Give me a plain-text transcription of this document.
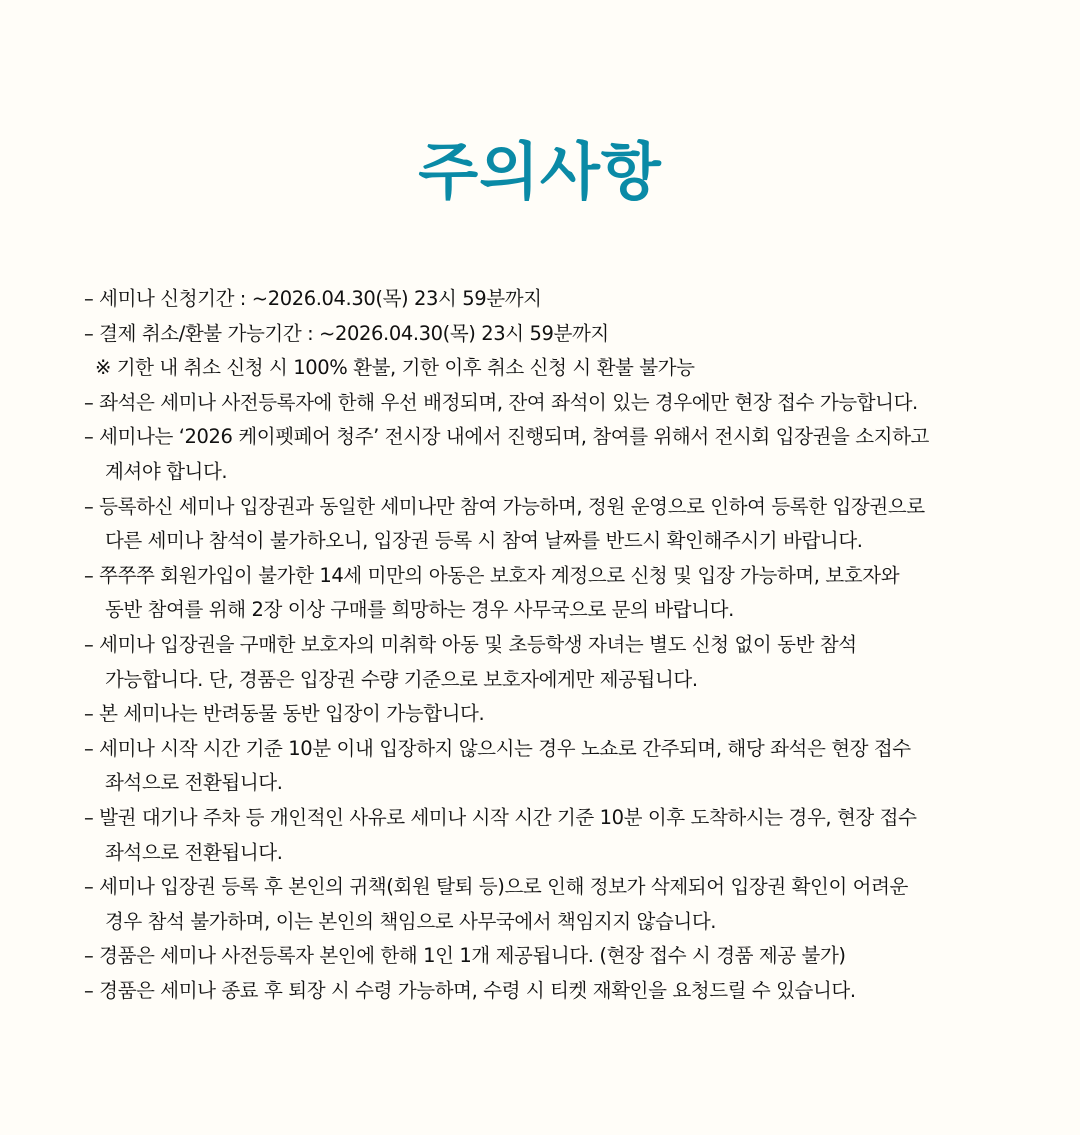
주의사항
– 세미나 신청기간 : ~2026.04.30(목) 23시 59분까지
– 결제 취소/환불 가능기간 : ~2026.04.30(목) 23시 59분까지
※ 기한 내 취소 신청 시 100% 환불, 기한 이후 취소 신청 시 환불 불가능
– 좌석은 세미나 사전등록자에 한해 우선 배정되며, 잔여 좌석이 있는 경우에만 현장 접수 가능합니다.
– 세미나는 ‘2026 케이펫페어 청주’ 전시장 내에서 진행되며, 참여를 위해서 전시회 입장권을 소지하고
계셔야 합니다.
– 등록하신 세미나 입장권과 동일한 세미나만 참여 가능하며, 정원 운영으로 인하여 등록한 입장권으로
다른 세미나 참석이 불가하오니, 입장권 등록 시 참여 날짜를 반드시 확인해주시기 바랍니다.
– 쭈쭈쭈 회원가입이 불가한 14세 미만의 아동은 보호자 계정으로 신청 및 입장 가능하며, 보호자와
동반 참여를 위해 2장 이상 구매를 희망하는 경우 사무국으로 문의 바랍니다.
– 세미나 입장권을 구매한 보호자의 미취학 아동 및 초등학생 자녀는 별도 신청 없이 동반 참석
가능합니다. 단, 경품은 입장권 수량 기준으로 보호자에게만 제공됩니다.
– 본 세미나는 반려동물 동반 입장이 가능합니다.
– 세미나 시작 시간 기준 10분 이내 입장하지 않으시는 경우 노쇼로 간주되며, 해당 좌석은 현장 접수
좌석으로 전환됩니다.
– 발권 대기나 주차 등 개인적인 사유로 세미나 시작 시간 기준 10분 이후 도착하시는 경우, 현장 접수
좌석으로 전환됩니다.
– 세미나 입장권 등록 후 본인의 귀책(회원 탈퇴 등)으로 인해 정보가 삭제되어 입장권 확인이 어려운
경우 참석 불가하며, 이는 본인의 책임으로 사무국에서 책임지지 않습니다.
– 경품은 세미나 사전등록자 본인에 한해 1인 1개 제공됩니다. (현장 접수 시 경품 제공 불가)
– 경품은 세미나 종료 후 퇴장 시 수령 가능하며, 수령 시 티켓 재확인을 요청드릴 수 있습니다.
